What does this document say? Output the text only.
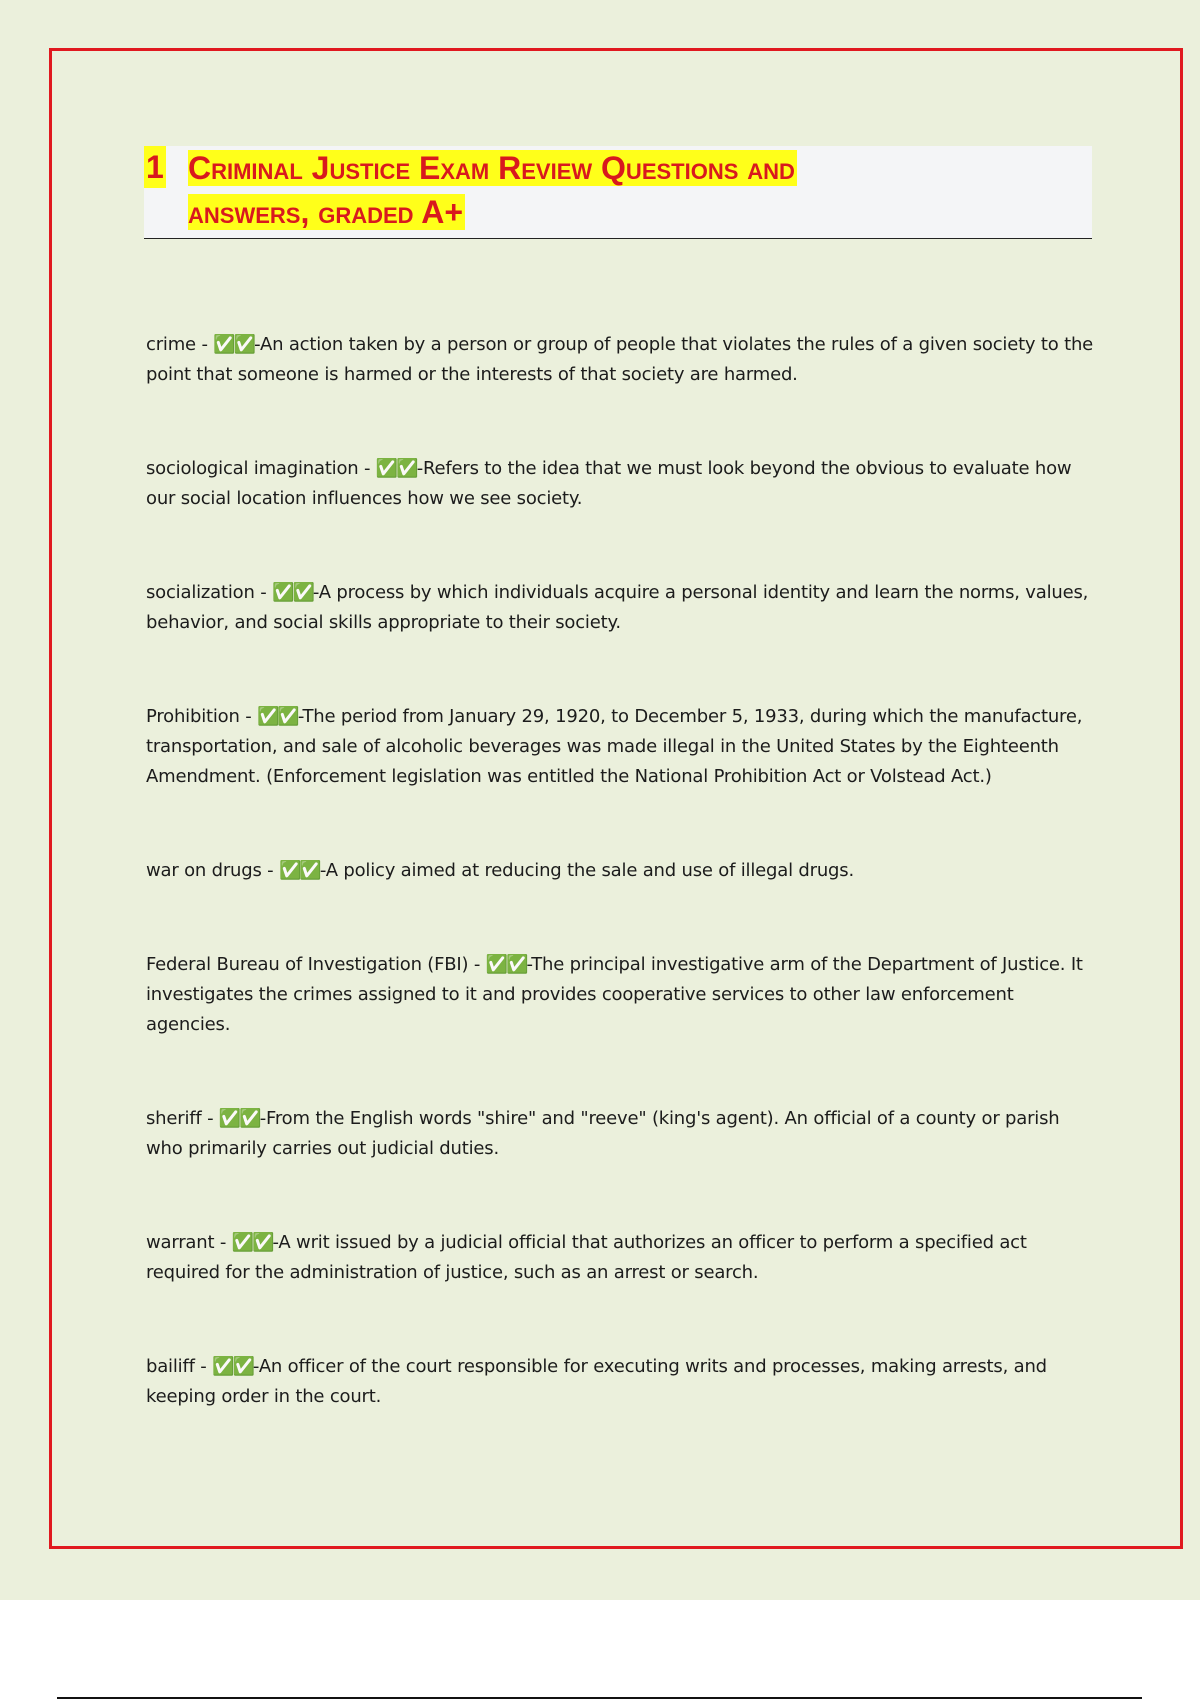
1 Criminal Justice Exam Review Questions and
answers, graded A+

crime - ✅✅-An action taken by a person or group of people that violates the rules of a given society to the point that someone is harmed or the interests of that society are harmed.

sociological imagination - ✅✅-Refers to the idea that we must look beyond the obvious to evaluate how our social location influences how we see society.

socialization - ✅✅-A process by which individuals acquire a personal identity and learn the norms, values, behavior, and social skills appropriate to their society.

Prohibition - ✅✅-The period from January 29, 1920, to December 5, 1933, during which the manufacture, transportation, and sale of alcoholic beverages was made illegal in the United States by the Eighteenth Amendment. (Enforcement legislation was entitled the National Prohibition Act or Volstead Act.)

war on drugs - ✅✅-A policy aimed at reducing the sale and use of illegal drugs.

Federal Bureau of Investigation (FBI) - ✅✅-The principal investigative arm of the Department of Justice. It investigates the crimes assigned to it and provides cooperative services to other law enforcement agencies.

sheriff - ✅✅-From the English words "shire" and "reeve" (king's agent). An official of a county or parish who primarily carries out judicial duties.

warrant - ✅✅-A writ issued by a judicial official that authorizes an officer to perform a specified act required for the administration of justice, such as an arrest or search.

bailiff - ✅✅-An officer of the court responsible for executing writs and processes, making arrests, and keeping order in the court.
